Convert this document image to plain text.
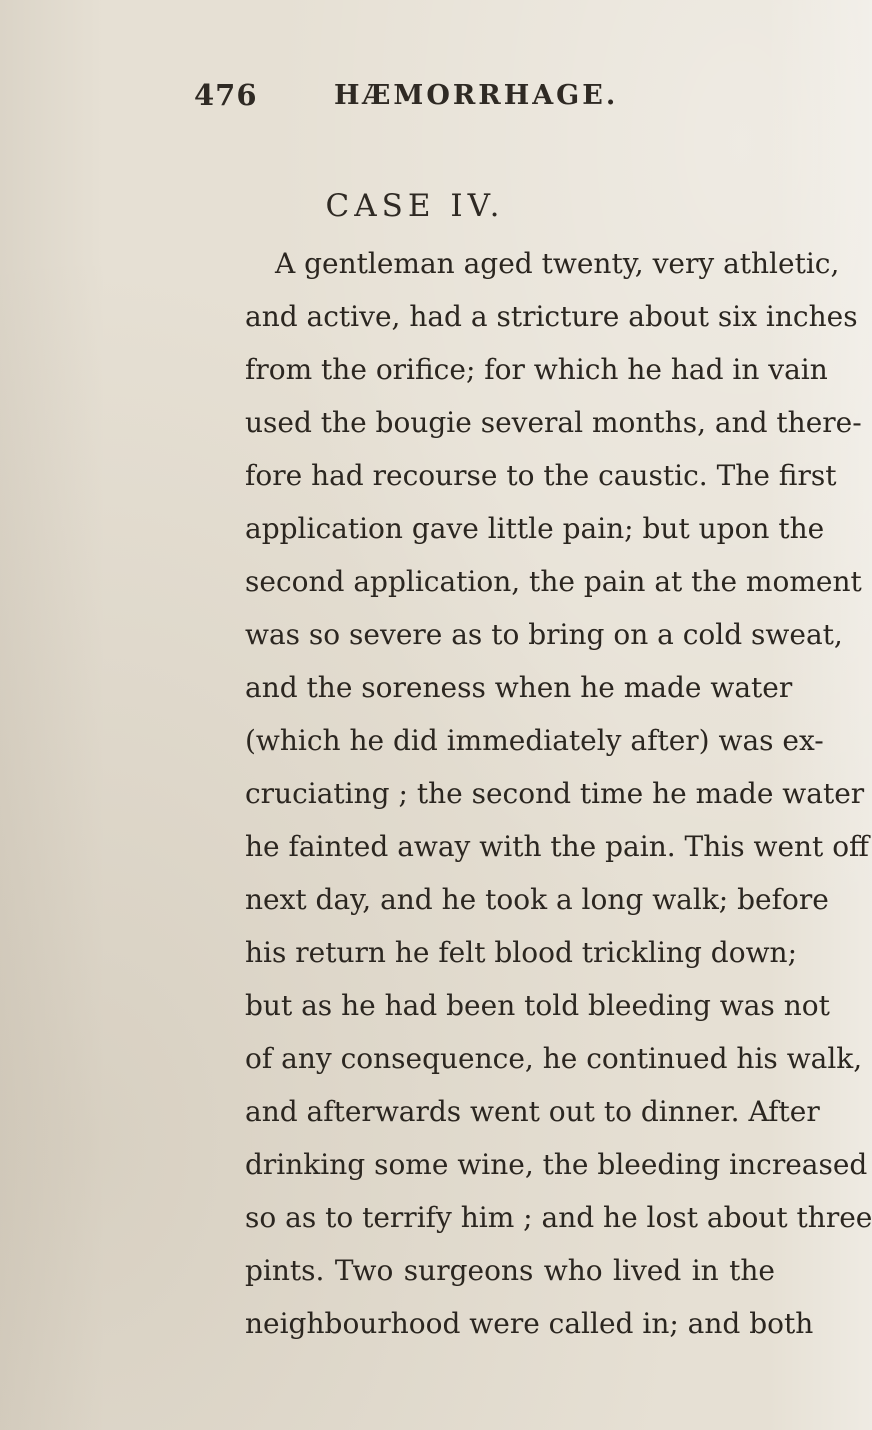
476	HÆMORRHAGE.
CASE IV.
A gentleman aged twenty, very athletic,
and active, had a stricture about six inches
from the orifice; for which he had in vain
used the bougie several months, and there-
fore had recourse to the caustic. The first
application gave little pain; but upon the
second application, the pain at the moment
was so severe as to bring on a cold sweat,
and the soreness when he made water
(which he did immediately after) was ex-
cruciating ; the second time he made water
he fainted away with the pain. This went off
next day, and he took a long walk; before
his return he felt blood trickling down;
but as he had been told bleeding was not
of any consequence, he continued his walk,
and afterwards went out to dinner. After
drinking some wine, the bleeding increased
so as to terrify him ; and he lost about three
pints. Two surgeons who lived in the
neighbourhood were called in; and both
